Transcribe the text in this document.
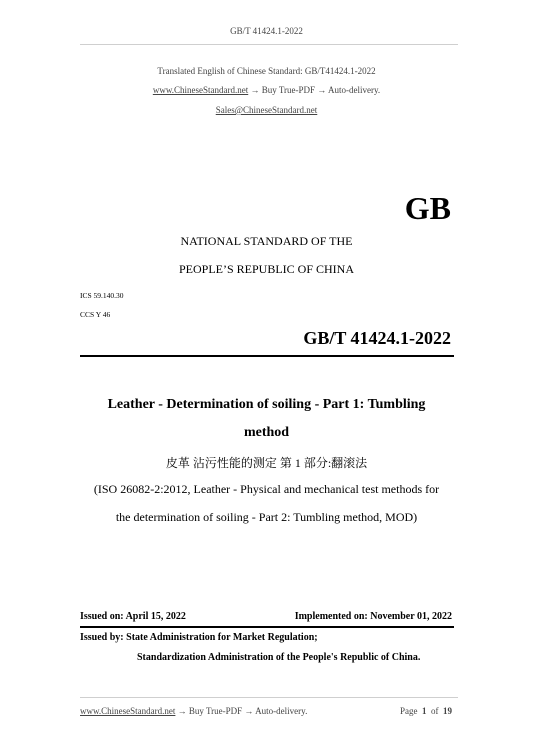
GB/T 41424.1-2022
Translated English of Chinese Standard: GB/T41424.1-2022
www.ChineseStandard.net → Buy True-PDF → Auto-delivery.
Sales@ChineseStandard.net
GB
NATIONAL STANDARD OF THE
PEOPLE’S REPUBLIC OF CHINA
ICS 59.140.30
CCS Y 46
GB/T 41424.1-2022
Leather - Determination of soiling - Part 1: Tumbling
method
皮革 沾污性能的测定 第 1 部分:翻滚法
(ISO 26082-2:2012, Leather - Physical and mechanical test methods for
the determination of soiling - Part 2: Tumbling method, MOD)
Issued on: April 15, 2022	Implemented on: November 01, 2022
Issued by: State Administration for Market Regulation;
Standardization Administration of the People's Republic of China.
www.ChineseStandard.net → Buy True-PDF → Auto-delivery.	Page 1 of 19
